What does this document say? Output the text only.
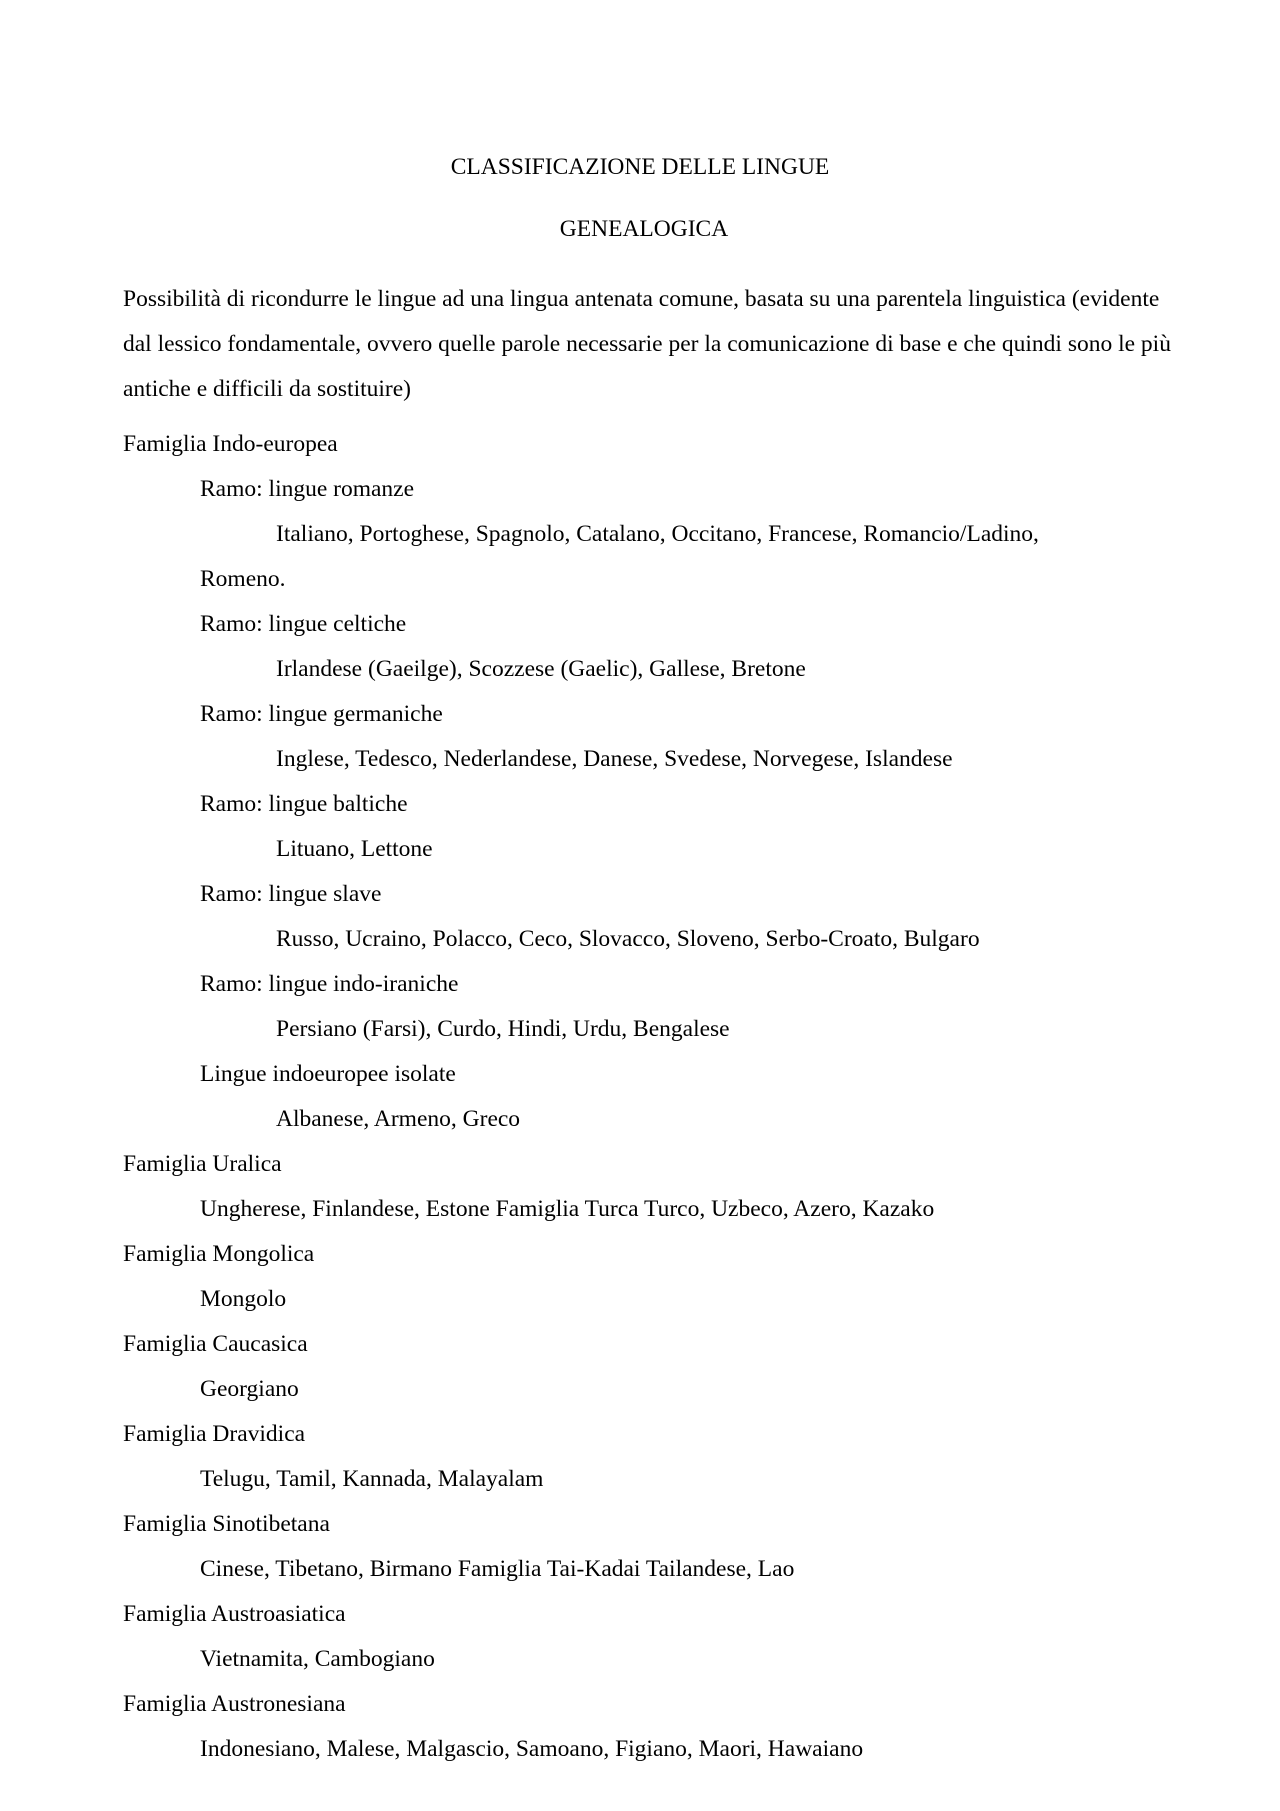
CLASSIFICAZIONE DELLE LINGUE
GENEALOGICA
Possibilità di ricondurre le lingue ad una lingua antenata comune, basata su una parentela linguistica (evidente dal lessico fondamentale, ovvero quelle parole necessarie per la comunicazione di base e che quindi sono le più antiche e difficili da sostituire)
Famiglia Indo-europea
Ramo: lingue romanze
Italiano, Portoghese, Spagnolo, Catalano, Occitano, Francese, Romancio/Ladino,
Romeno.
Ramo: lingue celtiche
Irlandese (Gaeilge), Scozzese (Gaelic), Gallese, Bretone
Ramo: lingue germaniche
Inglese, Tedesco, Nederlandese, Danese, Svedese, Norvegese, Islandese
Ramo: lingue baltiche
Lituano, Lettone
Ramo: lingue slave
Russo, Ucraino, Polacco, Ceco, Slovacco, Sloveno, Serbo-Croato, Bulgaro
Ramo: lingue indo-iraniche
Persiano (Farsi), Curdo, Hindi, Urdu, Bengalese
Lingue indoeuropee isolate
Albanese, Armeno, Greco
Famiglia Uralica
Ungherese, Finlandese, Estone Famiglia Turca Turco, Uzbeco, Azero, Kazako
Famiglia Mongolica
Mongolo
Famiglia Caucasica
Georgiano
Famiglia Dravidica
Telugu, Tamil, Kannada, Malayalam
Famiglia Sinotibetana
Cinese, Tibetano, Birmano Famiglia Tai-Kadai Tailandese, Lao
Famiglia Austroasiatica
Vietnamita, Cambogiano
Famiglia Austronesiana
Indonesiano, Malese, Malgascio, Samoano, Figiano, Maori, Hawaiano
